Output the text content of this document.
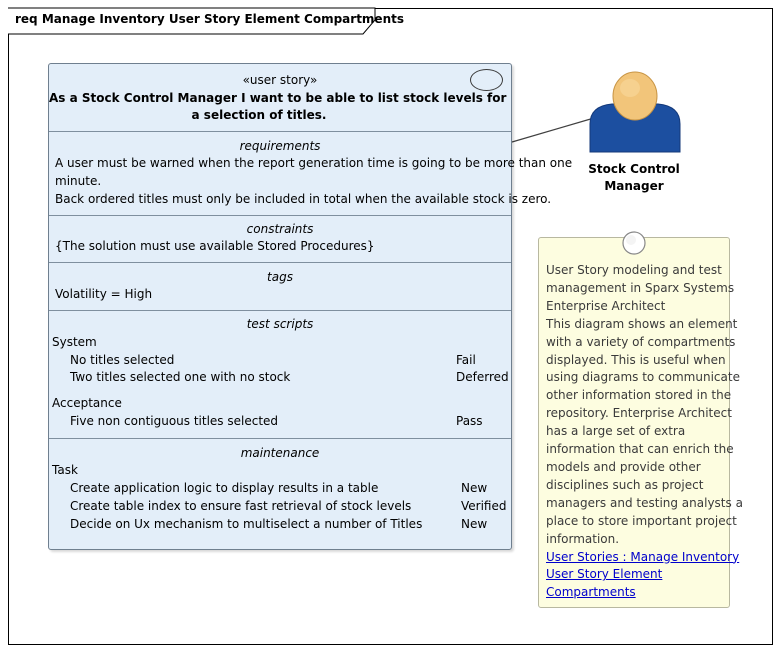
req Manage Inventory User Story Element Compartments
Stock Control
Manager
«user story»
As a Stock Control Manager I want to be able to list stock levels for
a selection of titles.
requirements
A user must be warned when the report generation time is going to be more than one
minute.
Back ordered titles must only be included in total when the available stock is zero.
constraints
{The solution must use available Stored Procedures}
tags
Volatility = High
test scripts
System
No titles selected	Fail
Two titles selected one with no stock	Deferred
Acceptance
Five non contiguous titles selected	Pass
maintenance
Task
Create application logic to display results in a table	New
Create table index to ensure fast retrieval of stock levels	Verified
Decide on Ux mechanism to multiselect a number of Titles	New
User Story modeling and test
management in Sparx Systems
Enterprise Architect
This diagram shows an element
with a variety of compartments
displayed. This is useful when
using diagrams to communicate
other information stored in the
repository. Enterprise Architect
has a large set of extra
information that can enrich the
models and provide other
disciplines such as project
managers and testing analysts a
place to store important project
information.
User Stories : Manage Inventory
User Story Element
Compartments
